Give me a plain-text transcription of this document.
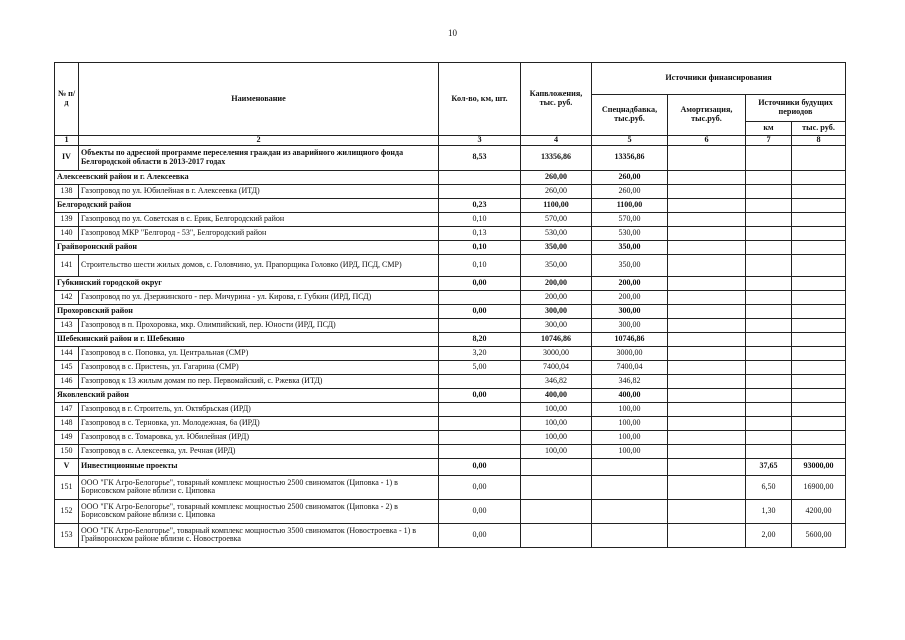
10
№ п/д	Наименование	Кол-во, км, шт.	Капвложения, тыс. руб.	Источники финансирования			
				Спецнадбавка, тыс.руб.	Амортизация, тыс.руб.	Источники будущих периодов	
						км	тыс. руб.
1	2	3	4	5	6	7	8
IV	Объекты по адресной программе переселения граждан из аварийного жилищного фонда Белгородской области в 2013-2017 годах	8,53	13356,86	13356,86			
Алексеевский район и г. Алексеевка			260,00	260,00			
138	Газопровод по ул. Юбилейная в г. Алексеевка (ИТД)		260,00	260,00			
Белгородский район		0,23	1100,00	1100,00			
139	Газопровод по ул. Советская в с. Ерик, Белгородский район	0,10	570,00	570,00			
140	Газопровод МКР "Белгород - 53", Белгородский район	0,13	530,00	530,00			
Грайворонский район		0,10	350,00	350,00			
141	Строительство шести жилых домов, с. Головчино, ул. Прапорщика Головко (ИРД, ПСД, СМР)	0,10	350,00	350,00			
Губкинский городской округ		0,00	200,00	200,00			
142	Газопровод по ул. Дзержинского - пер. Мичурина - ул. Кирова, г. Губкин (ИРД, ПСД)		200,00	200,00			
Прохоровский район		0,00	300,00	300,00			
143	Газопровод в п. Прохоровка, мкр. Олимпийский, пер. Юности (ИРД, ПСД)		300,00	300,00			
Шебекинский район и г. Шебекино		8,20	10746,86	10746,86			
144	Газопровод в с. Поповка, ул. Центральная (СМР)	3,20	3000,00	3000,00			
145	Газопровод в с. Пристень, ул. Гагарина (СМР)	5,00	7400,04	7400,04			
146	Газопровод к 13 жилым домам по пер. Первомайский, с. Ржевка (ИТД)		346,82	346,82			
Яковлевский район		0,00	400,00	400,00			
147	Газопровод в г. Строитель, ул. Октябрьская (ИРД)		100,00	100,00			
148	Газопровод в с. Терновка, ул. Молодежная, 6а (ИРД)		100,00	100,00			
149	Газопровод в с. Томаровка, ул. Юбилейная (ИРД)		100,00	100,00			
150	Газопровод в с. Алексеевка, ул. Речная (ИРД)		100,00	100,00			
V	Инвестиционные проекты	0,00				37,65	93000,00
151	ООО "ГК Агро-Белогорье", товарный комплекс мощностью 2500 свиноматок (Циповка - 1) в Борисовском районе вблизи с. Циповка	0,00				6,50	16900,00
152	ООО "ГК Агро-Белогорье", товарный комплекс мощностью 2500 свиноматок (Циповка - 2) в Борисовском районе вблизи с. Циповка	0,00				1,30	4200,00
153	ООО "ГК Агро-Белогорье", товарный комплекс мощностью 3500 свиноматок (Новостроевка - 1) в Грайворонском районе вблизи с. Новостроевка	0,00				2,00	5600,00
